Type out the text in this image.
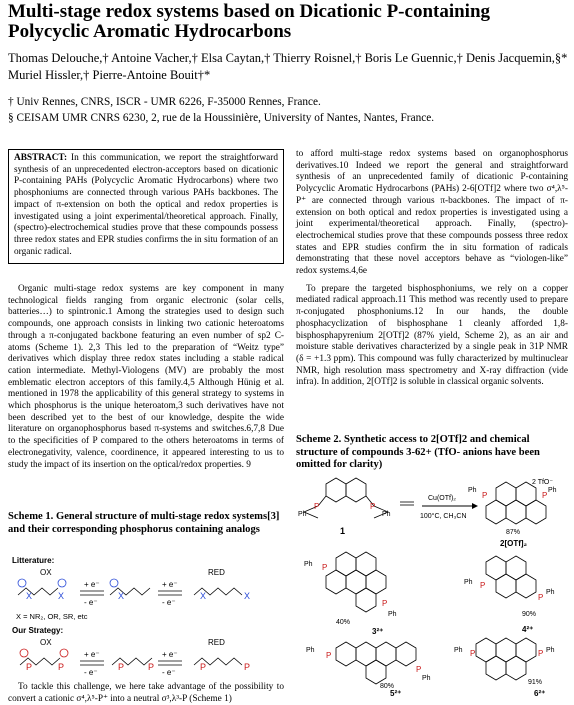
Multi-stage redox systems based on Dicationic P-containing Polycyclic Aromatic Hydrocarbons
Thomas Delouche,† Antoine Vacher,† Elsa Caytan,† Thierry Roisnel,† Boris Le Guennic,† Denis Jacquemin,§* Muriel Hissler,† Pierre-Antoine Bouit†*
† Univ Rennes, CNRS, ISCR - UMR 6226, F-35000 Rennes, France.
§ CEISAM UMR CNRS 6230, 2, rue de la Houssinière, University of Nantes, Nantes, France.
ABSTRACT: In this communication, we report the straightforward synthesis of an unprecedented electron-acceptors based on dicationic P-containing PAHs (Polycyclic Aromatic Hydrocarbons) where two phosphoniums are connected through various PAHs backbones. The impact of π-extension on both the optical and redox properties is investigated using a joint experimental/theoretical approach. Finally, (spectro)-electrochemical studies prove that these compounds possess three redox states and EPR studies confirms the in situ formation of an organic radical.

Organic multi-stage redox systems are key component in many technological fields ranging from organic electronic (solar cells, batteries…) to spintronic.1 Among the strategies used to design such compounds, one approach consists in linking two cationic heteroatoms through a π-conjugated backbone featuring an even number of sp2 C-atoms (Scheme 1). 2,3 This led to the preparation of “Weitz type” derivatives which display three redox states including a stable radical cation intermediate. Methyl-Viologens (MV) are probably the most emblematic electron acceptors of this family.4,5 Although Hünig et al. mentioned in 1978 the applicability of this general strategy to systems in which phosphorus is the unique heteroatom,3 such derivatives have not been described yet to the best of our knowledge, despite the wide literature on organophosphorus based π-systems and switches.6,7,8 Due to the specificities of P compared to the others heteroatoms in terms of electronegativity, valence, coordinence, it appeared interesting to us to study the impact of its insertion on the optical/redox properties. 9

Scheme 1. General structure of multi-stage redox systems[3] and their corresponding phosphorus containing analogs
Litterature:
OX	RED
X	X
+ e⁻
- e⁻
+ e⁻
- e⁻
X	X	X
X = NR₂, OR, SR, etc
Our Strategy:
OX	RED
P	P
+ e⁻
- e⁻
+ e⁻
- e⁻
P	P	P	P

To tackle this challenge, we here take advantage of the possibility to convert a cationic σ⁴,λ⁵-P⁺ into a neutral σ³,λ³-P (Scheme 1)

to afford multi-stage redox systems based on organophosphorus derivatives.10 Indeed we report the general and straightforward synthesis of an unprecedented family of dicationic P-containing Polycyclic Aromatic Hydrocarbons (PAHs) 2-6[OTf]2 where two σ⁴,λ⁵-P⁺ are connected through various π-backbones. The impact of π-extension on both optical and redox properties is investigated using a joint experimental/theoretical approach. Finally, (spectro)-electrochemical studies prove that these compounds possess three redox states and EPR studies confirm the in situ formation of radicals demonstrating that these novel acceptors behave as “viologen-like” redox systems.4,6e

To prepare the targeted bisphosphoniums, we rely on a copper mediated radical approach.11 This method was recently used to prepare π-conjugated phosphoniums.12 In our hands, the double phosphacyclization of bisphosphane 1 cleanly afforded 1,8-bisphosphapyrenium 2[OTf]2 (87% yield, Scheme 2), as an air and moisture stable derivatives characterized by a single peak in 31P NMR (δ = +1.3 ppm). This compound was fully characterized by multinuclear NMR, high resolution mass spectrometry and X-ray diffraction (vide infra). In addition, 2[OTf]2 is soluble in classical organic solvents.

Scheme 2. Synthetic access to 2[OTf]2 and chemical structure of compounds 3-62+ (TfO- anions have been omitted for clarity)
P	P
Ph	Ph
1
Cu(OTf)₂
100°C, CH₃CN
2 TfO⁻
P	P
Ph	Ph
87%
2[OTf]₂
P
P
Ph
Ph
40%
3²⁺
P
P
Ph
Ph
90%
4²⁺
P
P
Ph
Ph
80%
5²⁺
P	P
Ph	Ph
91%
6²⁺
